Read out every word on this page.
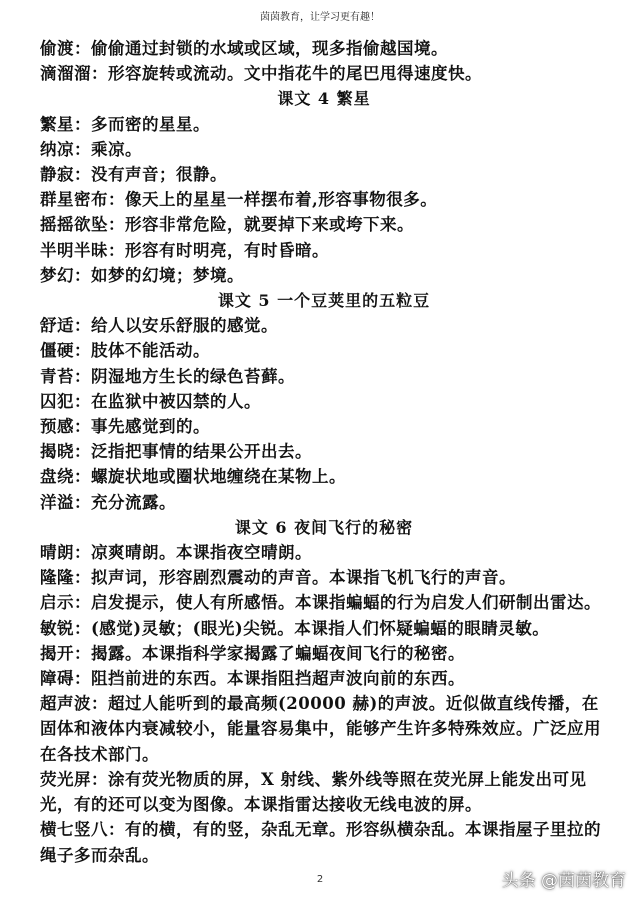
茵茵教育，让学习更有趣！

偷渡：偷偷通过封锁的水域或区域，现多指偷越国境。

滴溜溜：形容旋转或流动。文中指花牛的尾巴甩得速度快。

课文 4 繁星

繁星：多而密的星星。

纳凉：乘凉。

静寂：没有声音；很静。

群星密布：像天上的星星一样摆布着,形容事物很多。

摇摇欲坠：形容非常危险，就要掉下来或垮下来。

半明半昧：形容有时明亮，有时昏暗。

梦幻：如梦的幻境；梦境。

课文 5 一个豆荚里的五粒豆

舒适：给人以安乐舒服的感觉。

僵硬：肢体不能活动。

青苔：阴湿地方生长的绿色苔藓。

囚犯：在监狱中被囚禁的人。

预感：事先感觉到的。

揭晓：泛指把事情的结果公开出去。

盘绕：螺旋状地或圈状地缠绕在某物上。

洋溢：充分流露。

课文 6 夜间飞行的秘密

晴朗：凉爽晴朗。本课指夜空晴朗。

隆隆：拟声词，形容剧烈震动的声音。本课指飞机飞行的声音。

启示：启发提示，使人有所感悟。本课指蝙蝠的行为启发人们研制出雷达。

敏锐：(感觉)灵敏；(眼光)尖锐。本课指人们怀疑蝙蝠的眼睛灵敏。

揭开：揭露。本课指科学家揭露了蝙蝠夜间飞行的秘密。

障碍：阻挡前进的东西。本课指阻挡超声波向前的东西。

超声波：超过人能听到的最高频(20000 赫)的声波。近似做直线传播，在固体和液体内衰减较小，能量容易集中，能够产生许多特殊效应。广泛应用在各技术部门。

荧光屏：涂有荧光物质的屏，X 射线、紫外线等照在荧光屏上能发出可见光，有的还可以变为图像。本课指雷达接收无线电波的屏。

横七竖八：有的横，有的竖，杂乱无章。形容纵横杂乱。本课指屋子里拉的绳子多而杂乱。

2	头条 @茵茵教育
